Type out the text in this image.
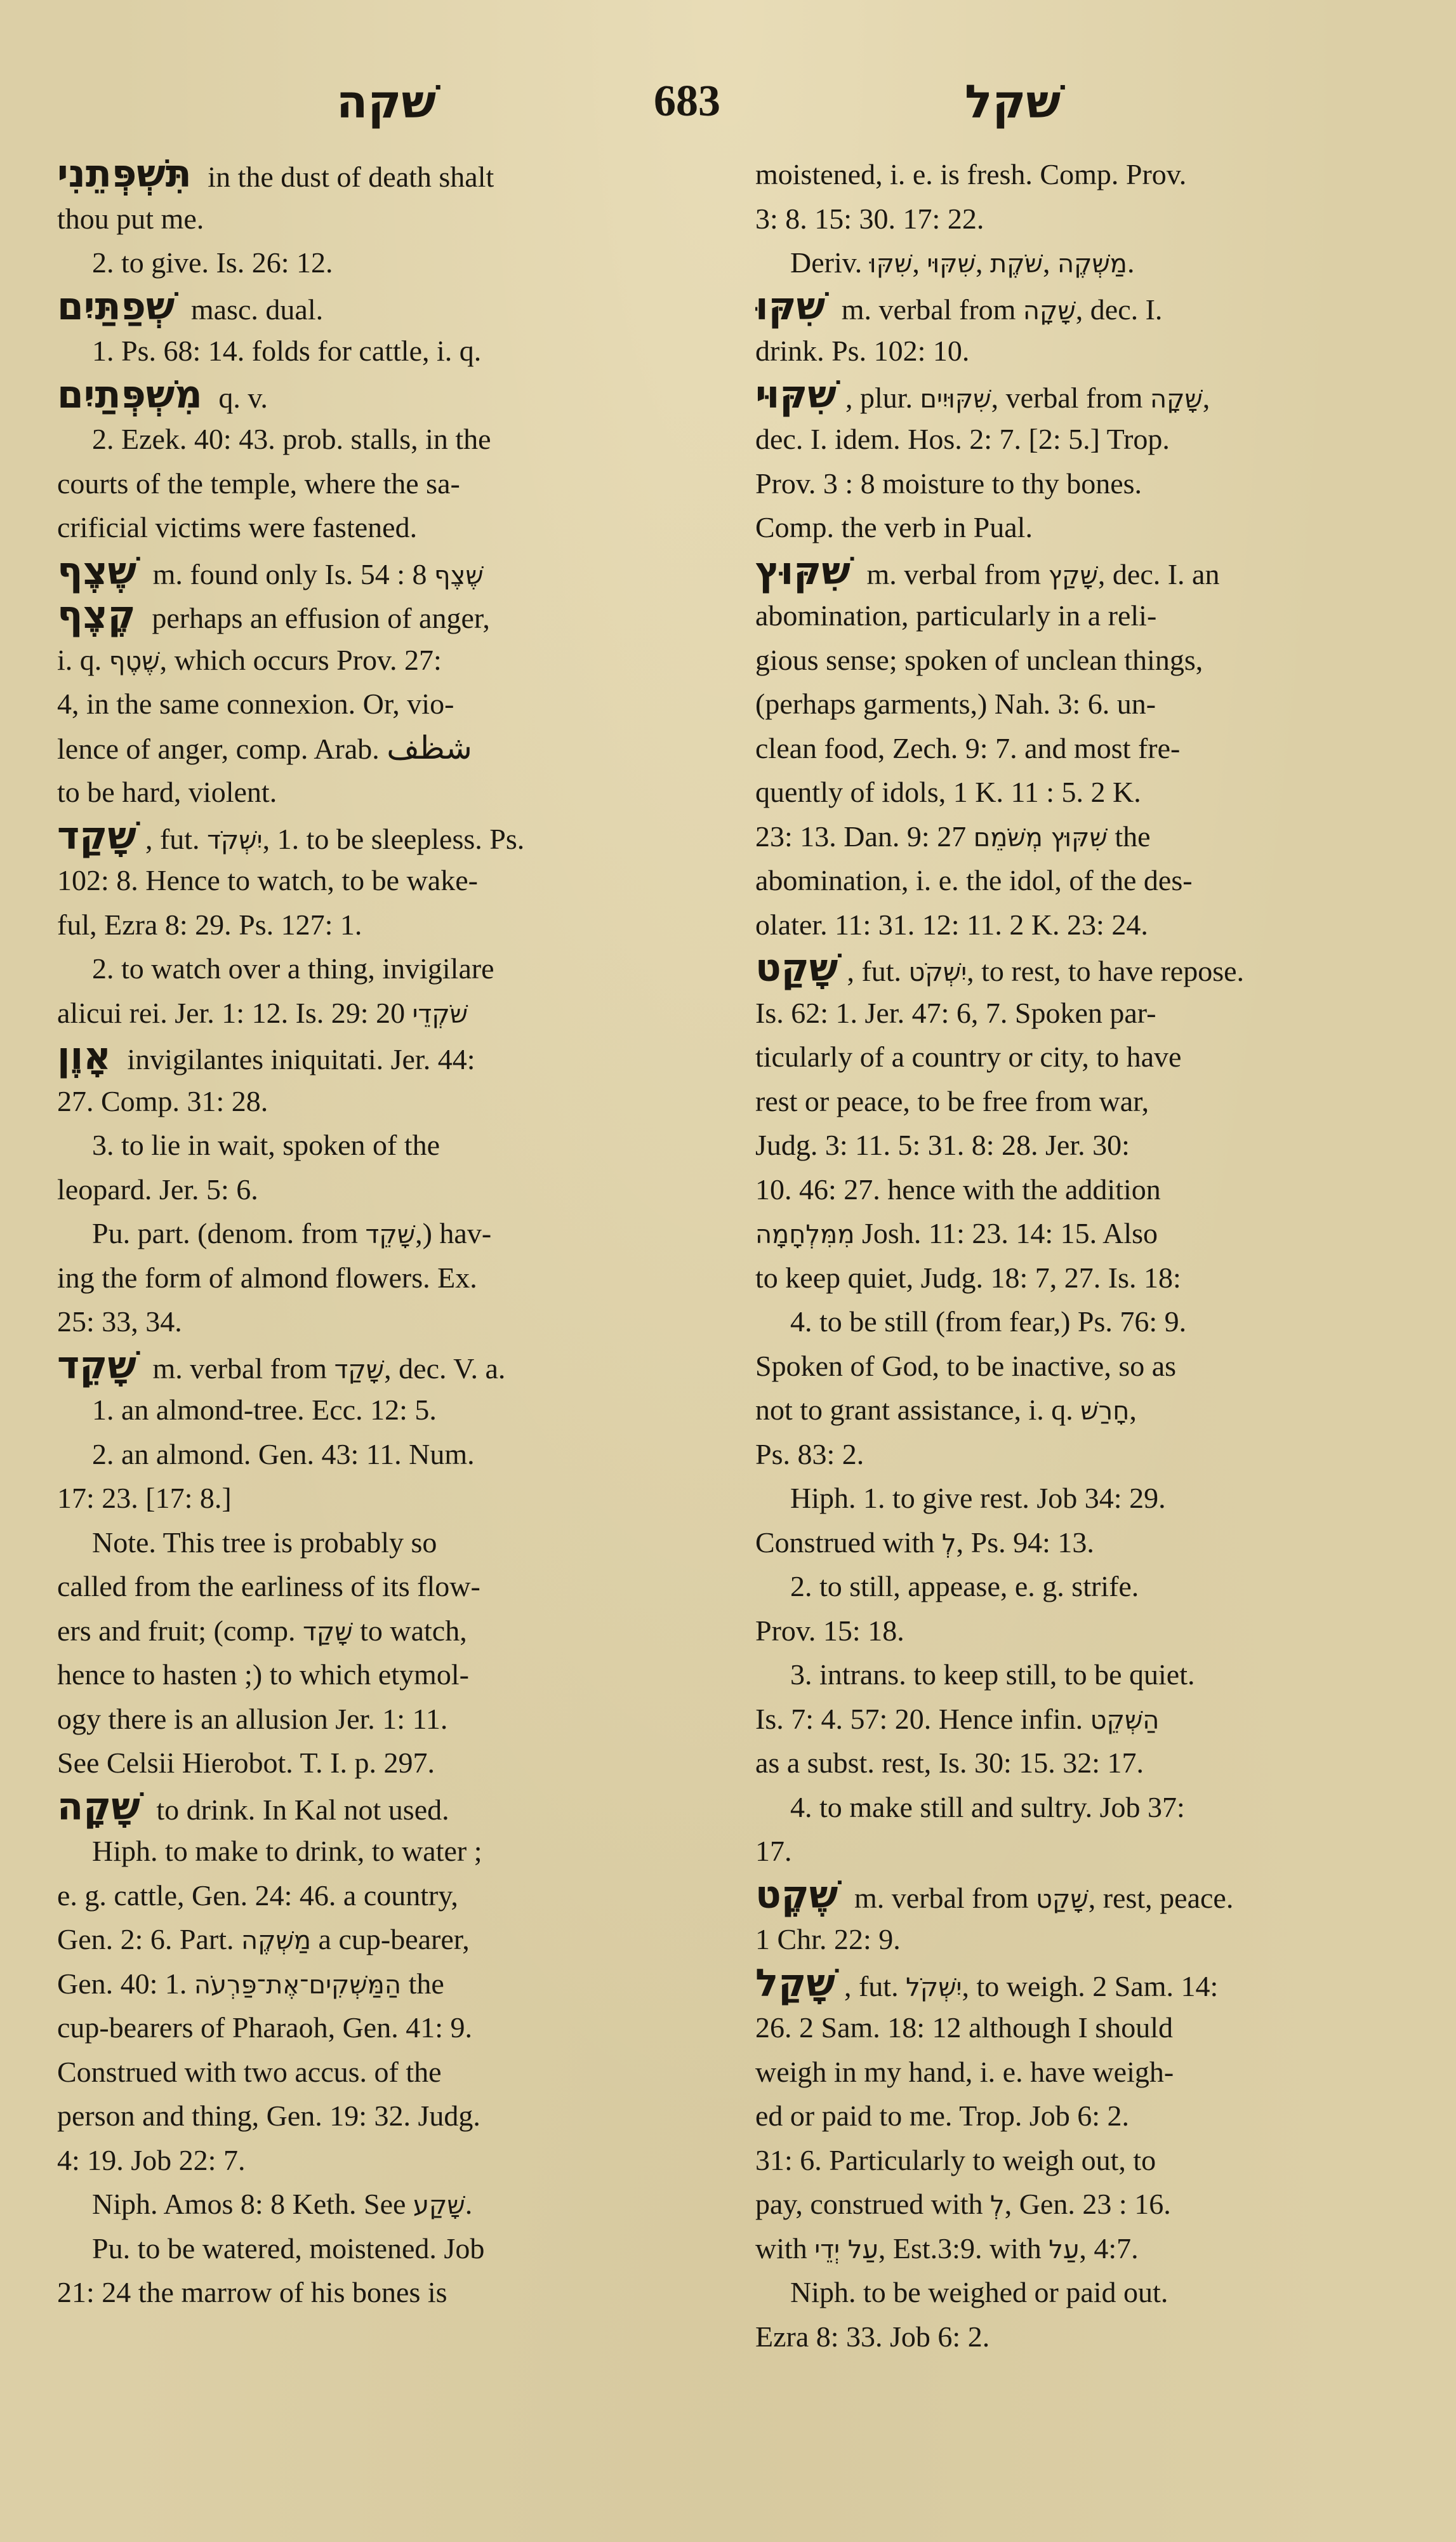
שׁקה	683	שׁקל
תִּשְׁפְּתֵנִי in the dust of death shalt
thou put me.
2. to give. Is. 26: 12.
שְׁפַתַּיִם masc. dual.
1. Ps. 68: 14. folds for cattle, i. q.
מִשְׁפְּתַיִם q. v.
2. Ezek. 40: 43. prob. stalls, in the
courts of the temple, where the sa-
crificial victims were fastened.
שֶׁצֶף m. found only Is. 54 : 8 שֶׁצֶף
קֶצֶף perhaps an effusion of anger,
i. q. שֶׁטֶף, which occurs Prov. 27:
4, in the same connexion. Or, vio-
lence of anger, comp. Arab. شظف
to be hard, violent.
שָׁקַד , fut. יִשְׁקֹד, 1. to be sleepless. Ps.
102: 8. Hence to watch, to be wake-
ful, Ezra 8: 29. Ps. 127: 1.
2. to watch over a thing, invigilare
alicui rei. Jer. 1: 12. Is. 29: 20 שֹׁקְדֵי
אָוֶן invigilantes iniquitati. Jer. 44:
27. Comp. 31: 28.
3. to lie in wait, spoken of the
leopard. Jer. 5: 6.
Pu. part. (denom. from שָׁקֵד,) hav-
ing the form of almond flowers. Ex.
25: 33, 34.
שָׁקֵד m. verbal from שָׁקַד, dec. V. a.
1. an almond-tree. Ecc. 12: 5.
2. an almond. Gen. 43: 11. Num.
17: 23. [17: 8.]
Note. This tree is probably so
called from the earliness of its flow-
ers and fruit; (comp. שָׁקַד to watch,
hence to hasten ;) to which etymol-
ogy there is an allusion Jer. 1: 11.
See Celsii Hierobot. T. I. p. 297.
שָׁקָה to drink. In Kal not used.
Hiph. to make to drink, to water ;
e. g. cattle, Gen. 24: 46. a country,
Gen. 2: 6. Part. מַשְׁקֶה a cup-bearer,
Gen. 40: 1. הַמַּשְׁקִים־אֶת־פַּרְעֹה the
cup-bearers of Pharaoh, Gen. 41: 9.
Construed with two accus. of the
person and thing, Gen. 19: 32. Judg.
4: 19. Job 22: 7.
Niph. Amos 8: 8 Keth. See שָׁקַע.
Pu. to be watered, moistened. Job
21: 24 the marrow of his bones is
moistened, i. e. is fresh. Comp. Prov.
3: 8. 15: 30. 17: 22.
Deriv. שִׁקּוּ, שִׁקּוּי, שֹׁקֶת, מַשְׁקֶה.
שִׁקּוּ m. verbal from שָׁקָה, dec. I.
drink. Ps. 102: 10.
שִׁקּוּי , plur. שִׁקּוּיִים, verbal from שָׁקָה,
dec. I. idem. Hos. 2: 7. [2: 5.] Trop.
Prov. 3 : 8 moisture to thy bones.
Comp. the verb in Pual.
שִׁקּוּץ m. verbal from שָׁקַץ, dec. I. an
abomination, particularly in a reli-
gious sense; spoken of unclean things,
(perhaps garments,) Nah. 3: 6. un-
clean food, Zech. 9: 7. and most fre-
quently of idols, 1 K. 11 : 5. 2 K.
23: 13. Dan. 9: 27 שִׁקּוּץ מְשֹׁמֵם the
abomination, i. e. the idol, of the des-
olater. 11: 31. 12: 11. 2 K. 23: 24.
שָׁקַט , fut. יִשְׁקֹט, to rest, to have repose.
Is. 62: 1. Jer. 47: 6, 7. Spoken par-
ticularly of a country or city, to have
rest or peace, to be free from war,
Judg. 3: 11. 5: 31. 8: 28. Jer. 30:
10. 46: 27. hence with the addition
מִמִּלְחָמָה Josh. 11: 23. 14: 15. Also
to keep quiet, Judg. 18: 7, 27. Is. 18:
4. to be still (from fear,) Ps. 76: 9.
Spoken of God, to be inactive, so as
not to grant assistance, i. q. חָרַשׁ,
Ps. 83: 2.
Hiph. 1. to give rest. Job 34: 29.
Construed with לְ, Ps. 94: 13.
2. to still, appease, e. g. strife.
Prov. 15: 18.
3. intrans. to keep still, to be quiet.
Is. 7: 4. 57: 20. Hence infin. הַשְׁקֵט
as a subst. rest, Is. 30: 15. 32: 17.
4. to make still and sultry. Job 37:
17.
שֶׁקֶט m. verbal from שָׁקַט, rest, peace.
1 Chr. 22: 9.
שָׁקַל , fut. יִשְׁקֹל, to weigh. 2 Sam. 14:
26. 2 Sam. 18: 12 although I should
weigh in my hand, i. e. have weigh-
ed or paid to me. Trop. Job 6: 2.
31: 6. Particularly to weigh out, to
pay, construed with לְ, Gen. 23 : 16.
with עַל יְדֵי, Est.3:9. with עַל, 4:7.
Niph. to be weighed or paid out.
Ezra 8: 33. Job 6: 2.
